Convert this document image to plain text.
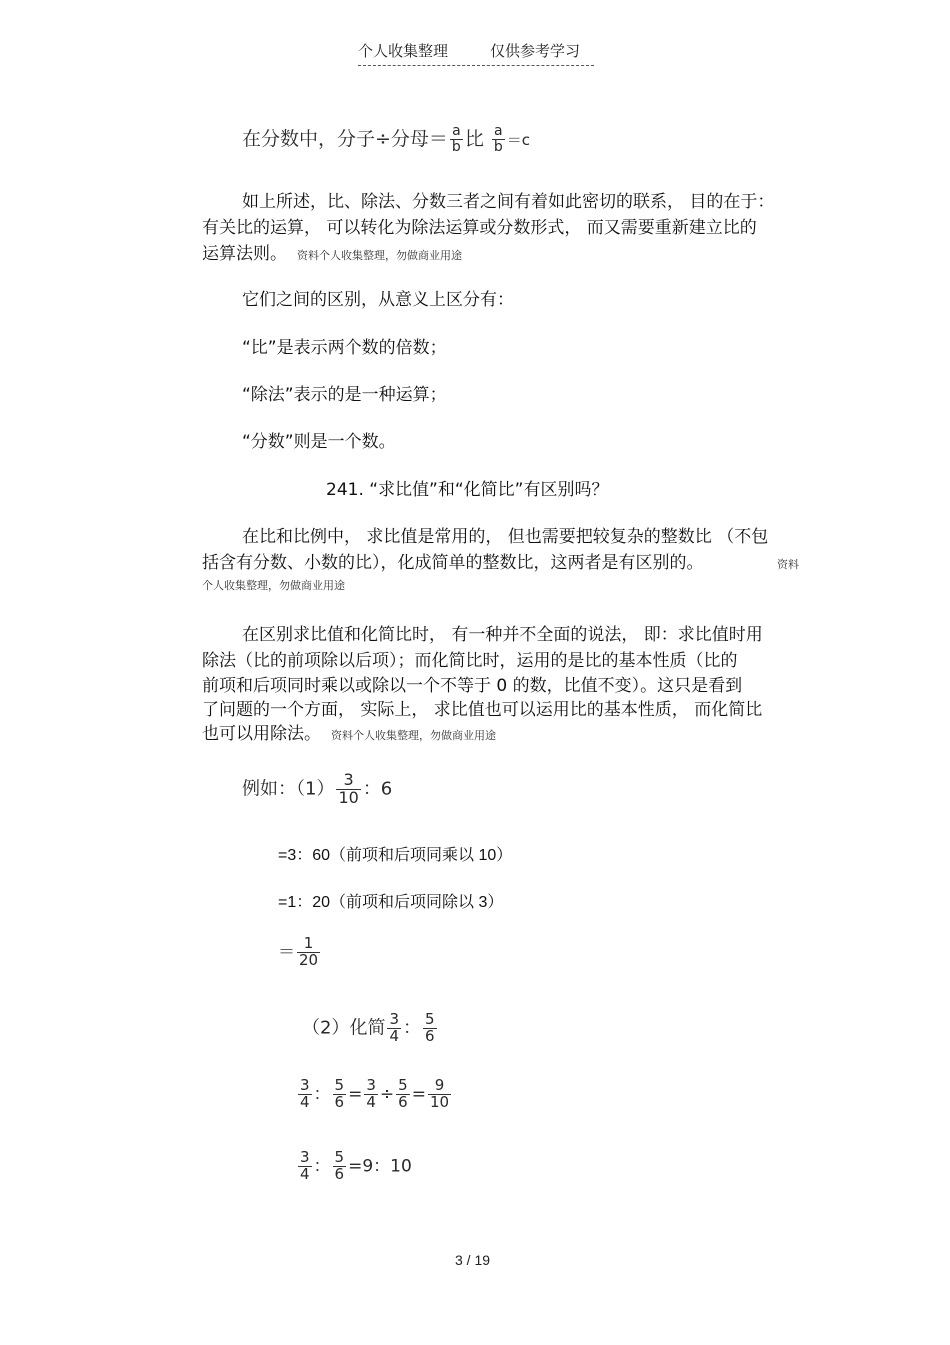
个人收集整理	仅供参考学习
在分数中，分子÷分母＝ $\frac{a}{b}$ 比 $\frac{a}{b} =c$
如上所述，比、除法、分数三者之间有着如此密切的联系， 目的在于：
有关比的运算， 可以转化为除法运算或分数形式， 而又需要重新建立比的
运算法则。 资料个人收集整理，勿做商业用途
它们之间的区别，从意义上区分有：
“比”是表示两个数的倍数；
“除法”表示的是一种运算；
“分数”则是一个数。
241. “求比值”和“化简比”有区别吗？
在比和比例中， 求比值是常用的， 但也需要把较复杂的整数比 （不包
括含有分数、小数的比），化成简单的整数比，这两者是有区别的。	资料
个人收集整理，勿做商业用途
在区别求比值和化简比时， 有一种并不全面的说法， 即：求比值时用
除法（比的前项除以后项）；而化简比时，运用的是比的基本性质（比的
前项和后项同时乘以或除以一个不等于 0 的数，比值不变）。这只是看到
了问题的一个方面， 实际上， 求比值也可以运用比的基本性质， 而化简比
也可以用除法。 资料个人收集整理，勿做商业用途
例如：$(1) \frac{3}{10}$ ：6
=3：60（前项和后项同乘以 10）
=1：20（前项和后项同除以 3）
＝ $\frac{1}{20}$
（2）化简 $\frac{3}{4}$ ： $\frac{5}{6}$
$\frac{3}{4}$ ： $\frac{5}{6} = \frac{3}{4} \div \frac{5}{6} = \frac{9}{10}$
$\frac{3}{4}$ ： $\frac{5}{6} =9$：10
3 / 19
